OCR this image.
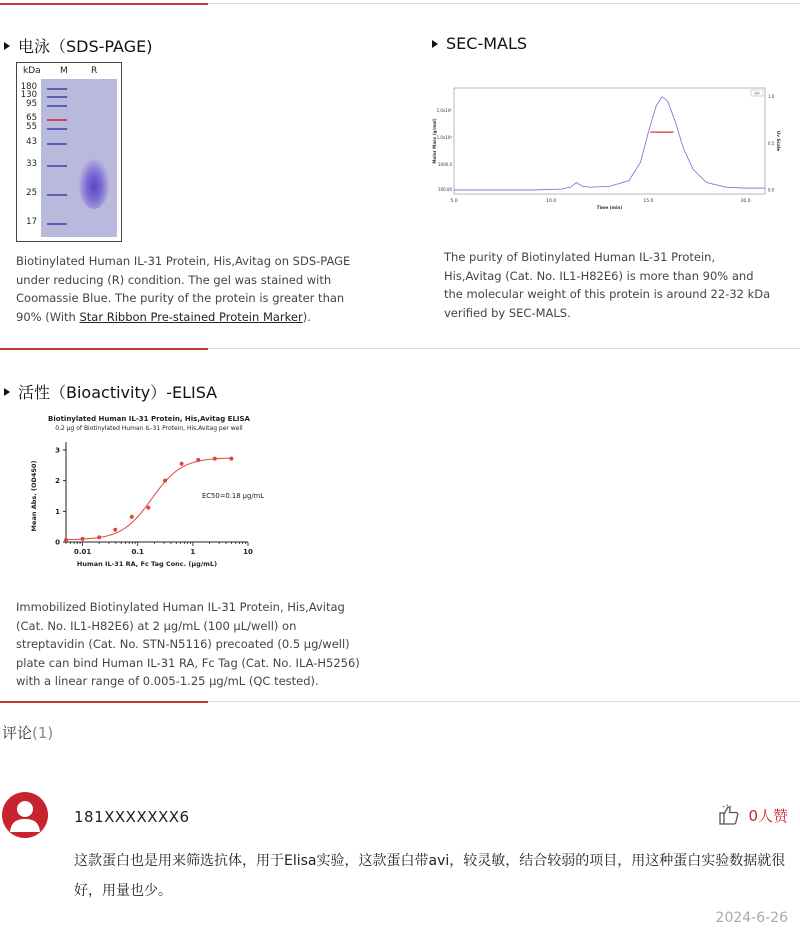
电泳（SDS-PAGE)
kDa M	R
180
130
95
65
55
43
33
25
17
Biotinylated Human IL-31 Protein, His,Avitag on SDS-PAGE under reducing (R) condition. The gel was stained with Coomassie Blue. The purity of the protein is greater than 90% (With Star Ribbon Pre-stained Protein Marker).
SEC-MALS
5.0	10.0	15.0	20.0
100.00
1000.0
1.0x10⁴
1.0x10⁵
0.0
0.5
1.0
Time (min)
Molar Mass (g/mol)	Uv Scale
UV
The purity of Biotinylated Human IL-31 Protein, His,Avitag (Cat. No. IL1-H82E6) is more than 90% and the molecular weight of this protein is around 22-32 kDa verified by SEC-MALS.
活性（Bioactivity）-ELISA
Biotinylated Human IL-31 Protein, His,Avitag ELISA
0.2 μg of Biotinylated Human IL-31 Protein, His,Avitag per well
0
1
2
3
0.01	0.1	1	10
Human IL-31 RA, Fc Tag Conc. (μg/mL)
Mean Abs. (OD450)	EC50=0.18 μg/mL
Immobilized Biotinylated Human IL-31 Protein, His,Avitag (Cat. No. IL1-H82E6) at 2 μg/mL (100 μL/well) on streptavidin (Cat. No. STN-N5116) precoated (0.5 μg/well) plate can bind Human IL-31 RA, Fc Tag (Cat. No. ILA-H5256) with a linear range of 0.005-1.25 μg/mL (QC tested).
评论(1)
181XXXXXXX6	0人赞
这款蛋白也是用来筛选抗体，用于Elisa实验，这款蛋白带avi，较灵敏，结合较弱的项目，用这种蛋白实验数据就很好，用量也少。
2024-6-26
